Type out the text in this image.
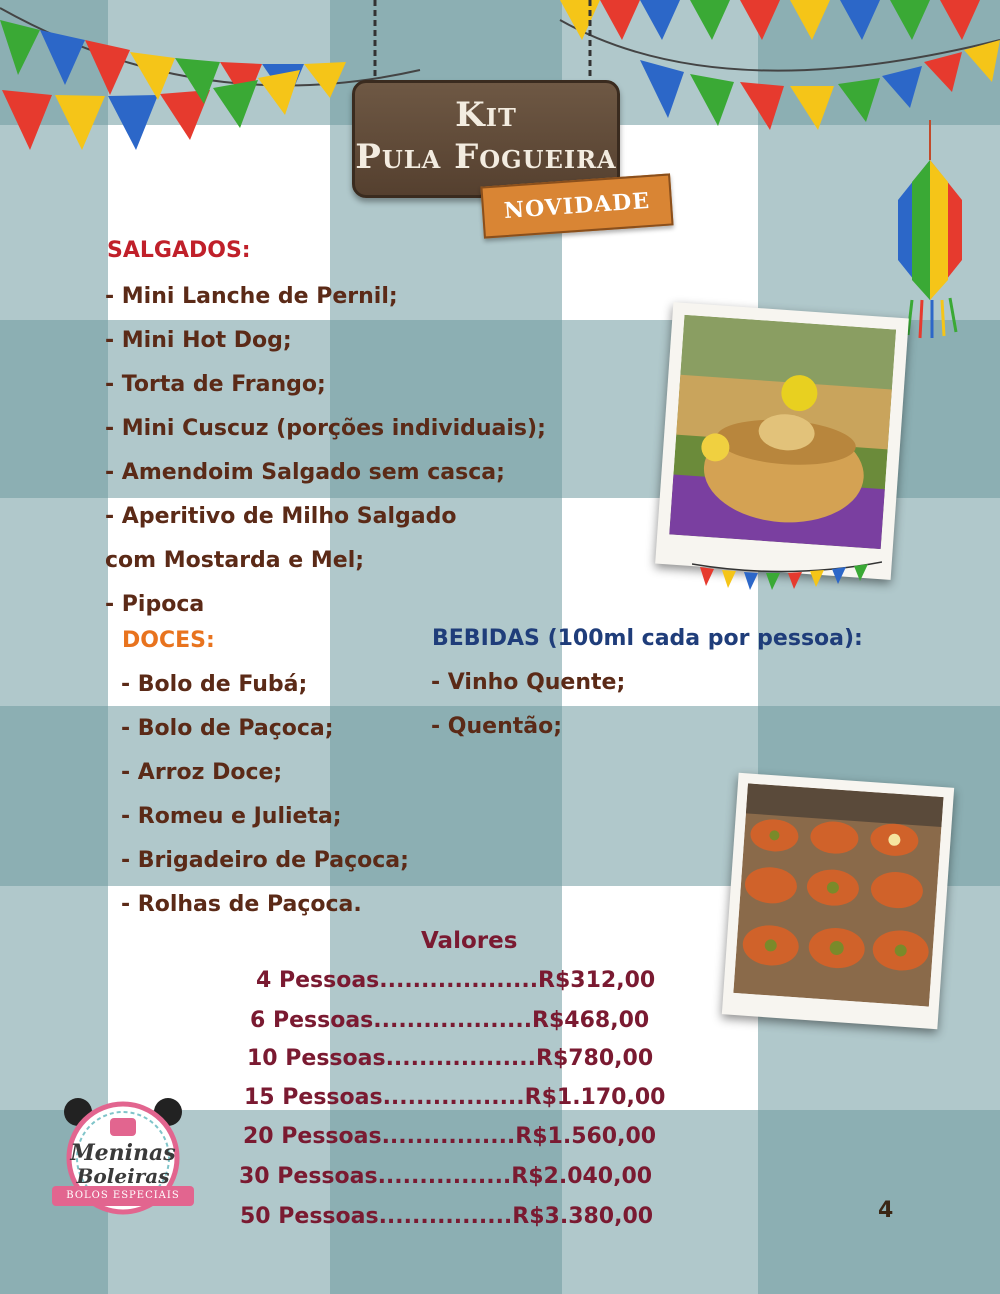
Kit
Pula Fogueira
NOVIDADE
SALGADOS:
- Mini Lanche de Pernil;
- Mini Hot Dog;
- Torta de Frango;
- Mini Cuscuz (porções individuais);
- Amendoim Salgado sem casca;
- Aperitivo de Milho Salgado
com Mostarda e Mel;
- Pipoca
DOCES:
- Bolo de Fubá;
- Bolo de Paçoca;
- Arroz Doce;
- Romeu e Julieta;
- Brigadeiro de Paçoca;
- Rolhas de Paçoca.
BEBIDAS (100ml cada por pessoa):
- Vinho Quente;
- Quentão;
Valores
4 Pessoas...................R$312,00
6 Pessoas...................R$468,00
10 Pessoas..................R$780,00
15 Pessoas.................R$1.170,00
20 Pessoas................R$1.560,00
30 Pessoas................R$2.040,00
50 Pessoas................R$3.380,00
Meninas
Boleiras
BOLOS ESPECIAIS
4
